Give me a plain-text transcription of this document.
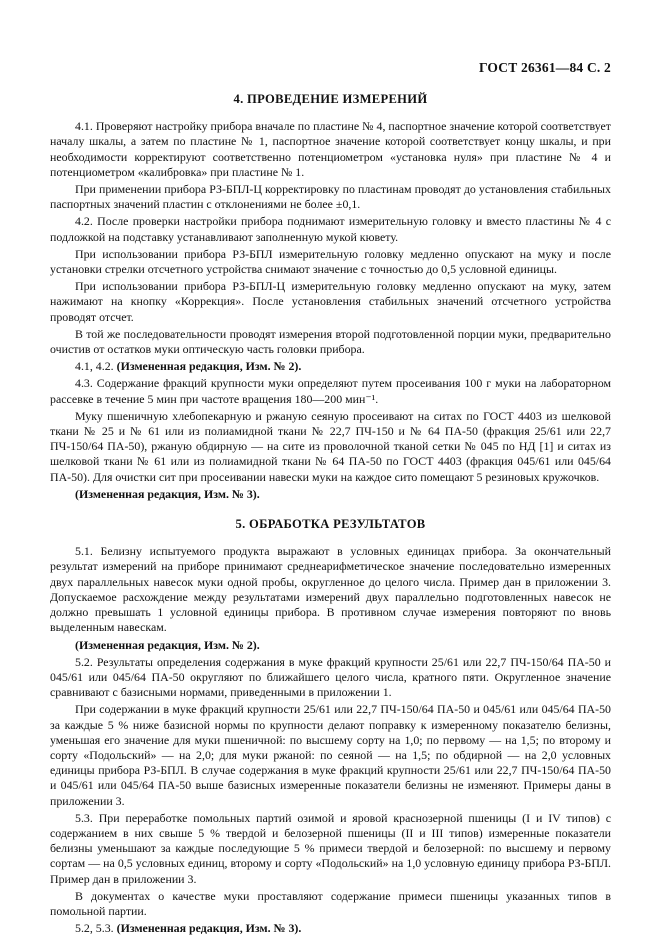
ГОСТ 26361—84 С. 2
4. ПРОВЕДЕНИЕ ИЗМЕРЕНИЙ

4.1. Проверяют настройку прибора вначале по пластине № 4, паспортное значение которой соответствует началу шкалы, а затем по пластине № 1, паспортное значение которой соответствует концу шкалы, и при необходимости корректируют соответственно потенциометром «установка нуля» при пластине № 4 и потенциометром «калибровка» при пластине № 1.

При применении прибора РЗ-БПЛ-Ц корректировку по пластинам проводят до установления стабильных паспортных значений пластин с отклонениями не более ±0,1.

4.2. После проверки настройки прибора поднимают измерительную головку и вместо пластины № 4 с подложкой на подставку устанавливают заполненную мукой кювету.

При использовании прибора РЗ-БПЛ измерительную головку медленно опускают на муку и после установки стрелки отсчетного устройства снимают значение с точностью до 0,5 условной единицы.

При использовании прибора РЗ-БПЛ-Ц измерительную головку медленно опускают на муку, затем нажимают на кнопку «Коррекция». После установления стабильных значений отсчетного устройства проводят отсчет.

В той же последовательности проводят измерения второй подготовленной порции муки, предварительно очистив от остатков муки оптическую часть головки прибора.

4.1, 4.2. (Измененная редакция, Изм. № 2).

4.3. Содержание фракций крупности муки определяют путем просеивания 100 г муки на лабораторном рассевке в течение 5 мин при частоте вращения 180—200 мин⁻¹.

Муку пшеничную хлебопекарную и ржаную сеяную просеивают на ситах по ГОСТ 4403 из шелковой ткани № 25 и № 61 или из полиамидной ткани № 22,7 ПЧ-150 и № 64 ПА-50 (фракция 25/61 или 22,7 ПЧ-150/64 ПА-50), ржаную обдирную — на сите из проволочной тканой сетки № 045 по НД [1] и ситах из шелковой ткани № 61 или из полиамидной ткани № 64 ПА-50 по ГОСТ 4403 (фракция 045/61 или 045/64 ПА-50). Для очистки сит при просеивании навески муки на каждое сито помещают 5 резиновых кружочков.

(Измененная редакция, Изм. № 3).

5. ОБРАБОТКА РЕЗУЛЬТАТОВ

5.1. Белизну испытуемого продукта выражают в условных единицах прибора. За окончательный результат измерений на приборе принимают среднеарифметическое значение последовательно измеренных двух параллельных навесок муки одной пробы, округленное до целого числа. Пример дан в приложении 3. Допускаемое расхождение между результатами измерений двух параллельно подготовленных навесок не должно превышать 1 условной единицы прибора. В противном случае измерения повторяют по вновь выделенным навескам.

(Измененная редакция, Изм. № 2).

5.2. Результаты определения содержания в муке фракций крупности 25/61 или 22,7 ПЧ-150/64 ПА-50 и 045/61 или 045/64 ПА-50 округляют по ближайшего целого числа, кратного пяти. Округленное значение сравнивают с базисными нормами, приведенными в приложении 1.

При содержании в муке фракций крупности 25/61 или 22,7 ПЧ-150/64 ПА-50 и 045/61 или 045/64 ПА-50 за каждые 5 % ниже базисной нормы по крупности делают поправку к измеренному показателю белизны, уменьшая его значение для муки пшеничной: по высшему сорту на 1,0; по первому — на 1,5; по второму и сорту «Подольский» — на 2,0; для муки ржаной: по сеяной — на 1,5; по обдирной — на 2,0 условных единицы прибора РЗ-БПЛ. В случае содержания в муке фракций крупности 25/61 или 22,7 ПЧ-150/64 ПА-50 и 045/61 или 045/64 ПА-50 выше базисных измеренные показатели белизны не изменяют. Примеры даны в приложении 3.

5.3. При переработке помольных партий озимой и яровой краснозерной пшеницы (I и IV типов) с содержанием в них свыше 5 % твердой и белозерной пшеницы (II и III типов) измеренные показатели белизны уменьшают за каждые последующие 5 % примеси твердой и белозерной: по высшему и первому сортам — на 0,5 условных единиц, второму и сорту «Подольский» на 1,0 условную единицу прибора РЗ-БПЛ. Пример дан в приложении 3.

В документах о качестве муки проставляют содержание примеси пшеницы указанных типов в помольной партии.

5.2, 5.3. (Измененная редакция, Изм. № 3).
